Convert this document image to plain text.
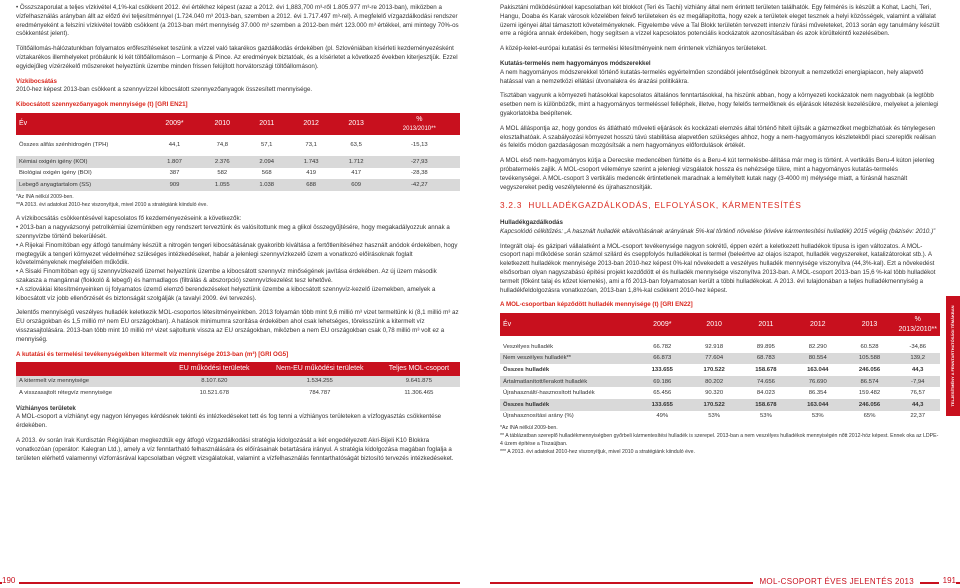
• Összszaporulat a teljes vízkivétel 4,1%-kal csökkent 2012. évi értékhez képest (azaz a 2012. évi 1,883,700 m³-ről 1.805.977 m³-re 2013-ban), miközben a vízfelhasználás arányban állt az előző évi teljesítménnyel (1.724.040 m³ 2013-ban, szemben a 2012. évi 1.717.497 m³-rel). A megfelelő vízgazdálkodási rendszer eredményeként a felszíni vízkivétel tovább csökkent (a 2013-ban mért mennyiség 37.000 m³ szemben a 2012-ben mért 123.000 m³ értékkel, ami mintegy 70%-os csökkentést jelent).

Töltőállomás-hálózatunkban folyamatos erőfeszítéseket teszünk a vízzel való takarékos gazdálkodás érdekében (pl. Szlovéniában kísérleti kezdeményezésként víztakarékos illemhelyeket próbálunk ki két töltőállomáson – Lormanje & Pince. Az eredmények biztatóak, és a kísérletet a következő években kiterjesztjük. Ezzel egyidejűleg vízérzékelő műszereket helyeztünk üzembe minden frissen felújított horvátországi töltőállomáson).

Vízkibocsátás

2010-hez képest 2013-ban csökkent a szennyvízzel kibocsátott szennyezőanyagok összesített mennyisége.

Kibocsátott szennyezőanyagok mennyisége (t) [GRI EN21]

Év	2009*	2010	2011	2012	2013	%
2013/2010**

Összes alifás szénhidrogén (TPH)	44,1	74,8	57,1	73,1	63,5	-15,13

Kémiai oxigén igény (KOI)	1.807	2.376	2.094	1.743	1.712	-27,93
Biológiai oxigén igény (BOI)	387	582	568	419	417	-28,38
Lebegő anyagtartalom (SS)	909	1.055	1.038	688	609	-42,27

*Az INA nélkül 2009-ben.

**A 2013. évi adatokat 2010-hez viszonyítjuk, mivel 2010 a stratégiánk kiinduló éve.

A vízkibocsátás csökkentésével kapcsolatos fő kezdeményezéseink a következők:

• 2013-ban a nagyvázsonyi petrolkémiai üzemünkben egy rendszert terveztünk és valósítottunk meg a glikol összegyűjtésére, hogy megakadályozzuk annak a szennyvízbe történő bekerülését.

• A Rijekai Finomítóban egy átfogó tanulmány készült a nitrogén tengeri kibocsátásának gyakoribb kiváltása a fertőtlenítéséhez használt anódok érdekében, hogy megtegyük a tengeri környezet védelméhez szükséges intézkedéseket, habár a jelenlegi szennyvízkezelő üzem a vonatkozó előírásoknak foglalt követelményeknek megfelelően működik.

• A Sisaki Finomítóban egy új szennyvízkezelő üzemet helyeztünk üzembe a kibocsátott szennyvíz minőségének javítása érdekében. Az új üzem második szakasza a mangánnal (flokkoló & lebegő) és harmadlagos (filtrálás & abszorpció) szennyvízkezelést tesz lehetővé.

• A szlovákiai létesítményeinken új folyamatos üzemű elemző berendezéseket helyeztünk üzembe a kibocsátott szennyvíz-kezelő üzemekben, amelyek a kibocsátott víz jobb ellenőrzését és biztonságát szolgálják (a tavalyi 2009. évi tervezés).

Jelentős mennyiségű veszélyes hulladék keletkezik MOL-csoportos létesítményeinkben. 2013 folyamán több mint 9,6 millió m³ vizet termeltünk ki (8,1 millió m³ az EU országokban és 1,5 millió m³ nem EU országokban). A hatások minimumra szorítása érdekében ahol csak lehetséges, töreksszünk a kitermelt víz visszasajtolására. 2013-ban több mint 10 millió m³ vizet sajtoltunk vissza az EU országokban, miközben a nem EU országokban csak 0,78 millió m³ volt ez a mennyiség.

A kutatási és termelési tevékenységekben kitermelt víz mennyisége 2013-ban (m³) [GRI OG5]

	EU működési területek	Nem-EU működési területek	Teljes MOL-csoport
A kitermelt víz mennyisége	8.107.620	1.534.255	9.641.875
A visszasajtolt rétegvíz mennyisége	10.521.678	784.787	11.306.465

Vízhiányos területek

A MOL-csoport a vízhiányt egy nagyon lényeges kérdésnek tekinti és intézkedéseket tett és fog tenni a vízhiányos területeken a vízfogyasztás csökkentése érdekében.

A 2013. év során Irak Kurdisztán Régiójában megkezdtük egy átfogó vízgazdálkodási stratégia kidolgozását a két engedélyezett Akri-Bijeli K10 Blokkra vonatkozóan (operátor: Kalegran Ltd.), amely a víz fenntartható felhasználására és előírásainak betartására irányul. A stratégia kidolgozása magában foglalja a területen elérhető valamennyi vízforrásrával kapcsolatban végzett vizsgálatokat, valamint a vízfelhasználás fenntarthatóságát biztosító tervezés intézkedéseket.

Pakisztáni működésünkkel kapcsolatban két blokkot (Teri és Tachi) vizhiány által nem érintett területen találhatók. Egy felmérés is készült a Kohat, Lachi, Teri, Hangu, Doaba és Karak városok közelében fekvő területeken és ez megállapította, hogy ezek a területek eleget tesznek a helyi közösségek, valamint a vállalat üzemi igényei által támasztott követelményeknek. Figyelembe véve a Tal Blokk területén tervezett intenzív fúrási műveleteket, 2013 során egy tanulmány készült erre a régióra annak érdekében, hogy segítsen a vízzel kapcsolatos potenciális kockázatok azonosításában és azok körültekintő kezelésében.

A közép-kelet-európai kutatási és termelési létesítményeink nem érintenek vízhiányos területeket.

Kutatás-termelés nem hagyományos módszerekkel

A nem hagyományos módszerekkel történő kutatás-termelés egyértelműen szondából jelentőségűnek bizonyult a nemzetközi energiapiacon, hely alapvető hatással van a nemzetközi ellátási útvonalakra és árazási politikákra.

Tisztában vagyunk a környezeti hatásokkal kapcsolatos általános fenntartásokkal, ha hiszünk abban, hogy a környezeti kockázatok nem nagyobbak (a legtöbb esetben nem is különbözők, mint a hagyományos termeléssel felléphek, illetve, hogy felelős termelőknek és eljárások létezésk kezelésükre, melyeket a jelenlegi gyakorlatokba beépítenek.

A MOL álláspontja az, hogy gondos és átlátható műveleti eljárások és kockázati elemzés által történő hitelt újítsák a gázmezőket megbízhatóak és ténylegesen elosztalhatóak. A szabályozási környezet hosszú távú stabilitása alapvetően szükséges ahhoz, hogy a nem-hagyományos készletekből piaci szereplők reálisan és felelős módon gazdaságosan mozgósítsák a nem hagyományos előfordulások értékét.

A MOL első nem-hagyományos kútja a Derecske medencében fúrtétte és a Beru-4 kút termelésbe-állítása már meg is történt. A vertikális Beru-4 kúton jelenleg próbatermelés zajlik. A MOL-csoport véleménye szerint a jelenlegi vizsgálatok hossza és nehézsége tükre, mint a hagyományos kutatás-termelés tevékenységei. A MOL-csoport 3 vertikális medencék értintetlenek maradnak a lemélyített kutak nagy (3-4000 m) mélysége miatt, a fúrásnál használt vegyszereket pedig veszélytelenné és újrahasznosítják.

3.2.3 HULLADÉKGAZDÁLKODÁS, ELFOLYÁSOK, KÁRMENTESÍTÉS

Hulladékgazdálkodás

Kapcsolódó célkitűzés: „A használt hulladék eltávolításának arányának 5%-kal történő növelése (kivéve kármentesítési hulladék) 2015 végéig (bázisév: 2010.)”

Integrált olaj- és gázipari vállalatként a MOL-csoport tevékenysége nagyon sokrétű, éppen ezért a keletkezett hulladékok típusa is igen változatos. A MOL-csoport napi működése során számol szilárd és cseppfolyós hulladékokat is termel (beleértve az olajos iszapot, hulladék vegyszereket, katalizátorokat stb.). A keletkezett hulladékok mennyisége 2013-ban 2010-hez képest 0%-kal növekedett a veszélyes hulladék mennyisége viszonyítva (44,3%-kal). Ezt a növekedést elsősorban olyan nagyszabású építési projekt kezdődött el és hulladék mennyisége viszonyítva 2013-ban. A MOL-csoport 2013-ban 15,6 %-kal több hulladékot termelt (főként talaj és kőzet kiemelés), ami a fő 2013-ban folyamatosan került a többi hulladékokat. A 2013. évi tulajdonában a teljes hulladékmennyiség a hulladékfeldolgozásra vonatkozóan, 2013-ban 1,8%-kal csökkent 2010-hez képest.

A MOL-csoportban képződött hulladék mennyisége (t) [GRI EN22]

Év	2009*	2010	2011	2012	2013	% 2013/2010**

Veszélyes hulladék	66.782	92.918	89.895	82.290	60.528	-34,86
Nem veszélyes hulladék**	66.873	77.604	68.783	80.554	105.588	139,2
Összes hulladék	133.655	170.522	158.678	163.044	246.056	44,3
Ártalmatlanított/lerakott hulladék	69.186	80.202	74.656	76.690	86.574	-7,94
Újrahasznált/-hasznosított hulladék	65.456	90.320	84.023	86.354	159.482	76,57
Összes hulladék	133.655	170.522	158.678	163.044	246.056	44,3
Újrahasznosítási arány (%)	49%	53%	53%	53%	65%	22,37

*Az INA nélkül 2009-ben.

** A táblázatban szereplő hulladékmennyiségben győrbeli kármentesítési hulladék is szerepel. 2013-ban a nem veszélyes hulladékok mennyiségén nőtt 2012-höz képest. Ennek oka az LDPE-4 üzem építése a Tiszaújban.

*** A 2013. évi adatokat 2010-hez viszonyítjuk, mivel 2010 a stratégiánk kiinduló éve.

TELJESÍTMÉNY A FENNTARTHATÓSÁGI TÉMÁKBAN
190	MOL-CSOPORT ÉVES JELENTÉS 2013	191
